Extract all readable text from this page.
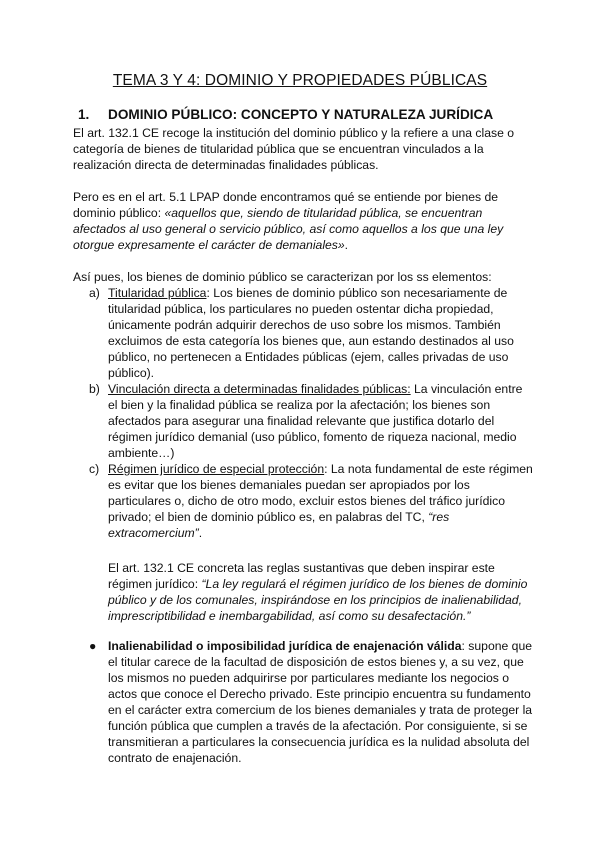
TEMA 3 Y 4: DOMINIO Y PROPIEDADES PÚBLICAS
1. DOMINIO PÚBLICO: CONCEPTO Y NATURALEZA JURÍDICA
El art. 132.1 CE recoge la institución del dominio público y la refiere a una clase o categoría de bienes de titularidad pública que se encuentran vinculados a la realización directa de determinadas finalidades públicas.
Pero es en el art. 5.1 LPAP donde encontramos qué se entiende por bienes de dominio público: «aquellos que, siendo de titularidad pública, se encuentran afectados al uso general o servicio público, así como aquellos a los que una ley otorgue expresamente el carácter de demaniales».
Así pues, los bienes de dominio público se caracterizan por los ss elementos:
a) Titularidad pública: Los bienes de dominio público son necesariamente de titularidad pública, los particulares no pueden ostentar dicha propiedad, únicamente podrán adquirir derechos de uso sobre los mismos. También excluimos de esta categoría los bienes que, aun estando destinados al uso público, no pertenecen a Entidades públicas (ejem, calles privadas de uso público).
b) Vinculación directa a determinadas finalidades públicas: La vinculación entre el bien y la finalidad pública se realiza por la afectación; los bienes son afectados para asegurar una finalidad relevante que justifica dotarlo del régimen jurídico demanial (uso público, fomento de riqueza nacional, medio ambiente…)
c) Régimen jurídico de especial protección: La nota fundamental de este régimen es evitar que los bienes demaniales puedan ser apropiados por los particulares o, dicho de otro modo, excluir estos bienes del tráfico jurídico privado; el bien de dominio público es, en palabras del TC, “res extracomercium”.
El art. 132.1 CE concreta las reglas sustantivas que deben inspirar este régimen jurídico: “La ley regulará el régimen jurídico de los bienes de dominio público y de los comunales, inspirándose en los principios de inalienabilidad, imprescriptibilidad e inembargabilidad, así como su desafectación.”
● Inalienabilidad o imposibilidad jurídica de enajenación válida: supone que el titular carece de la facultad de disposición de estos bienes y, a su vez, que los mismos no pueden adquirirse por particulares mediante los negocios o actos que conoce el Derecho privado. Este principio encuentra su fundamento en el carácter extra comercium de los bienes demaniales y trata de proteger la función pública que cumplen a través de la afectación. Por consiguiente, si se transmitieran a particulares la consecuencia jurídica es la nulidad absoluta del contrato de enajenación.
